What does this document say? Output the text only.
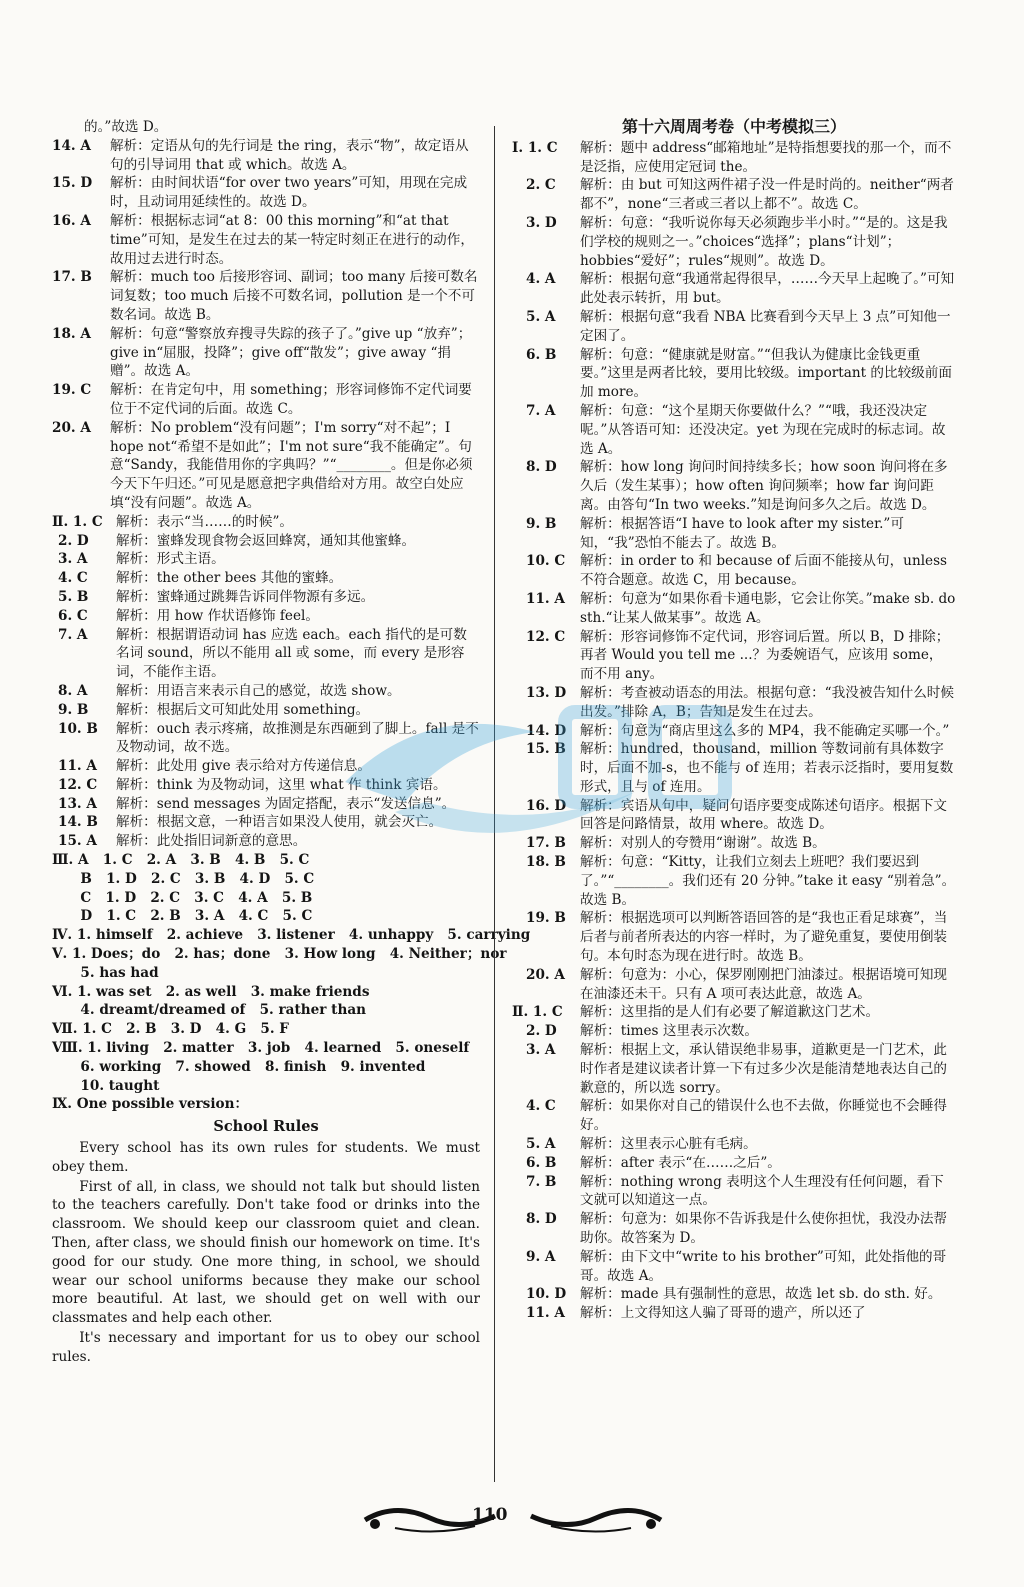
的。”故选 D。
14. A	解析：定语从句的先行词是 the ring，表示“物”，故定语从句的引导词用 that 或 which。故选 A。
15. D	解析：由时间状语“for over two years”可知，用现在完成时，且动词用延续性的。故选 D。
16. A	解析：根据标志词“at 8：00 this morning”和“at that time”可知，是发生在过去的某一特定时刻正在进行的动作，故用过去进行时态。
17. B	解析：much too 后接形容词、副词；too many 后接可数名词复数；too much 后接不可数名词，pollution 是一个不可数名词。故选 B。
18. A	解析：句意“警察放弃搜寻失踪的孩子了。”give up “放弃”；give in“屈服，投降”；give off“散发”；give away “捐赠”。故选 A。
19. C	解析：在肯定句中，用 something；形容词修饰不定代词要位于不定代词的后面。故选 C。
20. A	解析：No problem“没有问题”；I'm sorry“对不起”；I hope not“希望不是如此”；I'm not sure“我不能确定”。句意“Sandy，我能借用你的字典吗？”“________。但是你必须今天下午归还。”可见是愿意把字典借给对方用。故空白处应填“没有问题”。故选 A。
Ⅱ. 1. C 解析：表示“当……的时候”。
2. D	解析：蜜蜂发现食物会返回蜂窝，通知其他蜜蜂。
3. A	解析：形式主语。
4. C	解析：the other bees 其他的蜜蜂。
5. B	解析：蜜蜂通过跳舞告诉同伴物源有多远。
6. C	解析：用 how 作状语修饰 feel。
7. A	解析：根据谓语动词 has 应选 each。each 指代的是可数名词 sound，所以不能用 all 或 some，而 every 是形容词，不能作主语。
8. A	解析：用语言来表示自己的感觉，故选 show。
9. B	解析：根据后文可知此处用 something。
10. B	解析：ouch 表示疼痛，故推测是东西砸到了脚上。fall 是不及物动词，故不选。
11. A	解析：此处用 give 表示给对方传递信息。
12. C	解析：think 为及物动词，这里 what 作 think 宾语。
13. A	解析：send messages 为固定搭配，表示“发送信息”。
14. B	解析：根据文意，一种语言如果没人使用，就会灭亡。
15. A	解析：此处指旧词新意的意思。
Ⅲ. A   1. C   2. A   3. B   4. B   5. C
B   1. D   2. C   3. B   4. D   5. C
C   1. D   2. C   3. C   4. A   5. B
D   1. C   2. B   3. A   4. C   5. C
Ⅳ. 1. himself   2. achieve   3. listener   4. unhappy   5. carrying
Ⅴ. 1. Does；do   2. has；done   3. How long   4. Neither；nor
5. has had
Ⅵ. 1. was set   2. as well   3. make friends
4. dreamt/dreamed of   5. rather than
Ⅶ. 1. C   2. B   3. D   4. G   5. F
Ⅷ. 1. living   2. matter   3. job   4. learned   5. oneself
6. working   7. showed   8. finish   9. invented
10. taught
Ⅸ. One possible version：
School Rules
Every school has its own rules for students. We must obey them.
First of all, in class, we should not talk but should listen to the teachers carefully. Don't take food or drinks into the classroom. We should keep our classroom quiet and clean. Then, after class, we should finish our homework on time. It's good for our study. One more thing, in school, we should wear our school uniforms because they make our school more beautiful. At last, we should get on well with our classmates and help each other.
It's necessary and important for us to obey our school rules.
第十六周周考卷（中考模拟三）
Ⅰ. 1. C	解析：题中 address“邮箱地址”是特指想要找的那一个，而不是泛指，应使用定冠词 the。
2. C	解析：由 but 可知这两件裙子没一件是时尚的。neither“两者都不”，none“三者或三者以上都不”。故选 C。
3. D	解析：句意：“我听说你每天必须跑步半小时。”“是的。这是我们学校的规则之一。”choices“选择”；plans“计划”；hobbies“爱好”；rules“规则”。故选 D。
4. A	解析：根据句意“我通常起得很早，……今天早上起晚了。”可知此处表示转折，用 but。
5. A	解析：根据句意“我看 NBA 比赛看到今天早上 3 点”可知他一定困了。
6. B	解析：句意：“健康就是财富。”“但我认为健康比金钱更重要。”这里是两者比较，要用比较级。important 的比较级前面加 more。
7. A	解析：句意：“这个星期天你要做什么？”“哦，我还没决定呢。”从答语可知：还没决定。yet 为现在完成时的标志词。故选 A。
8. D	解析：how long 询问时间持续多长；how soon 询问将在多久后（发生某事）；how often 询问频率；how far 询问距离。由答句“In two weeks.”知是询问多久之后。故选 D。
9. B	解析：根据答语“I have to look after my sister.”可知，“我”恐怕不能去了。故选 B。
10. C	解析：in order to 和 because of 后面不能接从句，unless 不符合题意。故选 C，用 because。
11. A	解析：句意为“如果你看卡通电影，它会让你笑。”make sb. do sth.“让某人做某事”。故选 A。
12. C	解析：形容词修饰不定代词，形容词后置。所以 B，D 排除；再者 Would you tell me ...？为委婉语气，应该用 some，而不用 any。
13. D	解析：考查被动语态的用法。根据句意：“我没被告知什么时候出发。”排除 A，B；告知是发生在过去。
14. D	解析：句意为“商店里这么多的 MP4，我不能确定买哪一个。”
15. B	解析：hundred，thousand，million 等数词前有具体数字时，后面不加-s，也不能与 of 连用；若表示泛指时，要用复数形式，且与 of 连用。
16. D	解析：宾语从句中，疑问句语序要变成陈述句语序。根据下文回答是问路情景，故用 where。故选 D。
17. B	解析：对别人的夸赞用“谢谢”。故选 B。
18. B	解析：句意：“Kitty，让我们立刻去上班吧？我们要迟到了。”“________。我们还有 20 分钟。”take it easy “别着急”。故选 B。
19. B	解析：根据选项可以判断答语回答的是“我也正看足球赛”，当后者与前者所表达的内容一样时，为了避免重复，要使用倒装句。本句时态为现在进行时。故选 B。
20. A	解析：句意为：小心，保罗刚刚把门油漆过。根据语境可知现在油漆还未干。只有 A 项可表达此意，故选 A。
Ⅱ. 1. C	解析：这里指的是人们有必要了解道歉这门艺术。
2. D	解析：times 这里表示次数。
3. A	解析：根据上文，承认错误绝非易事，道歉更是一门艺术，此时作者是建议读者计算一下有过多少次是能清楚地表达自己的歉意的，所以选 sorry。
4. C	解析：如果你对自己的错误什么也不去做，你睡觉也不会睡得好。
5. A	解析：这里表示心脏有毛病。
6. B	解析：after 表示“在……之后”。
7. B	解析：nothing wrong 表明这个人生理没有任何问题，看下文就可以知道这一点。
8. D	解析：句意为：如果你不告诉我是什么使你担忧，我没办法帮助你。故答案为 D。
9. A	解析：由下文中“write to his brother”可知，此处指他的哥哥。故选 A。
10. D	解析：made 具有强制性的意思，故选 let sb. do sth. 好。
11. A	解析：上文得知这人骗了哥哥的遗产，所以还了
110
